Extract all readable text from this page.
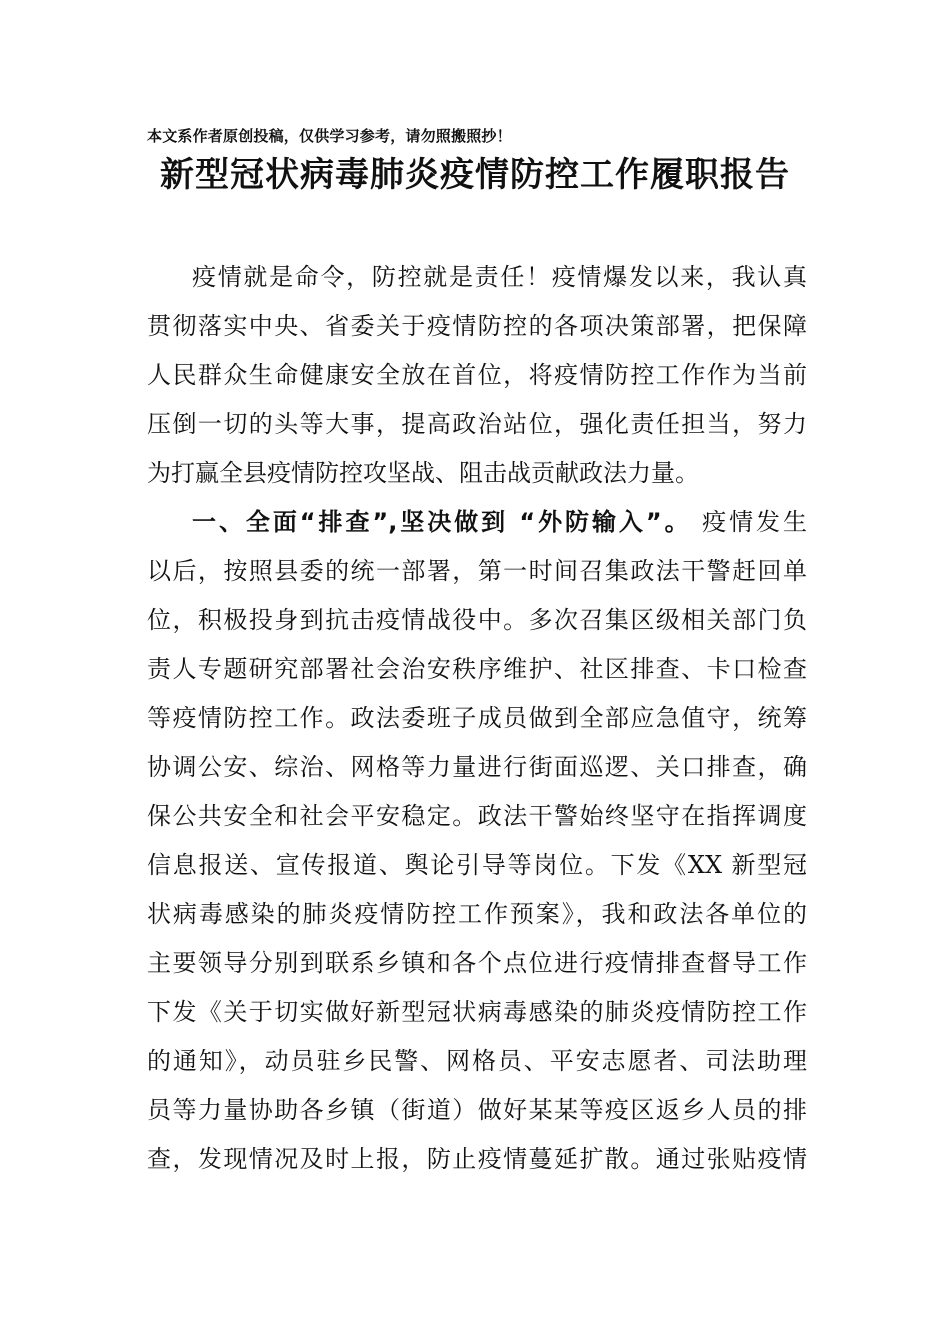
本文系作者原创投稿，仅供学习参考，请勿照搬照抄！
新型冠状病毒肺炎疫情防控工作履职报告
疫情就是命令，防控就是责任！疫情爆发以来，我认真
贯彻落实中央、省委关于疫情防控的各项决策部署，把保障
人民群众生命健康安全放在首位，将疫情防控工作作为当前
压倒一切的头等大事，提高政治站位，强化责任担当，努力
为打赢全县疫情防控攻坚战、阻击战贡献政法力量。
一、全面“排查”,坚决做到 “外防输入”。 疫情发生
以后，按照县委的统一部署，第一时间召集政法干警赶回单
位，积极投身到抗击疫情战役中。多次召集区级相关部门负
责人专题研究部署社会治安秩序维护、社区排查、卡口检查
等疫情防控工作。政法委班子成员做到全部应急值守，统筹
协调公安、综治、网格等力量进行街面巡逻、关口排查，确
保公共安全和社会平安稳定。政法干警始终坚守在指挥调度
信息报送、宣传报道、舆论引导等岗位。下发《XX 新型冠
状病毒感染的肺炎疫情防控工作预案》，我和政法各单位的
主要领导分别到联系乡镇和各个点位进行疫情排查督导工作
下发《关于切实做好新型冠状病毒感染的肺炎疫情防控工作
的通知》，动员驻乡民警、网格员、平安志愿者、司法助理
员等力量协助各乡镇（街道）做好某某等疫区返乡人员的排
查，发现情况及时上报，防止疫情蔓延扩散。通过张贴疫情
